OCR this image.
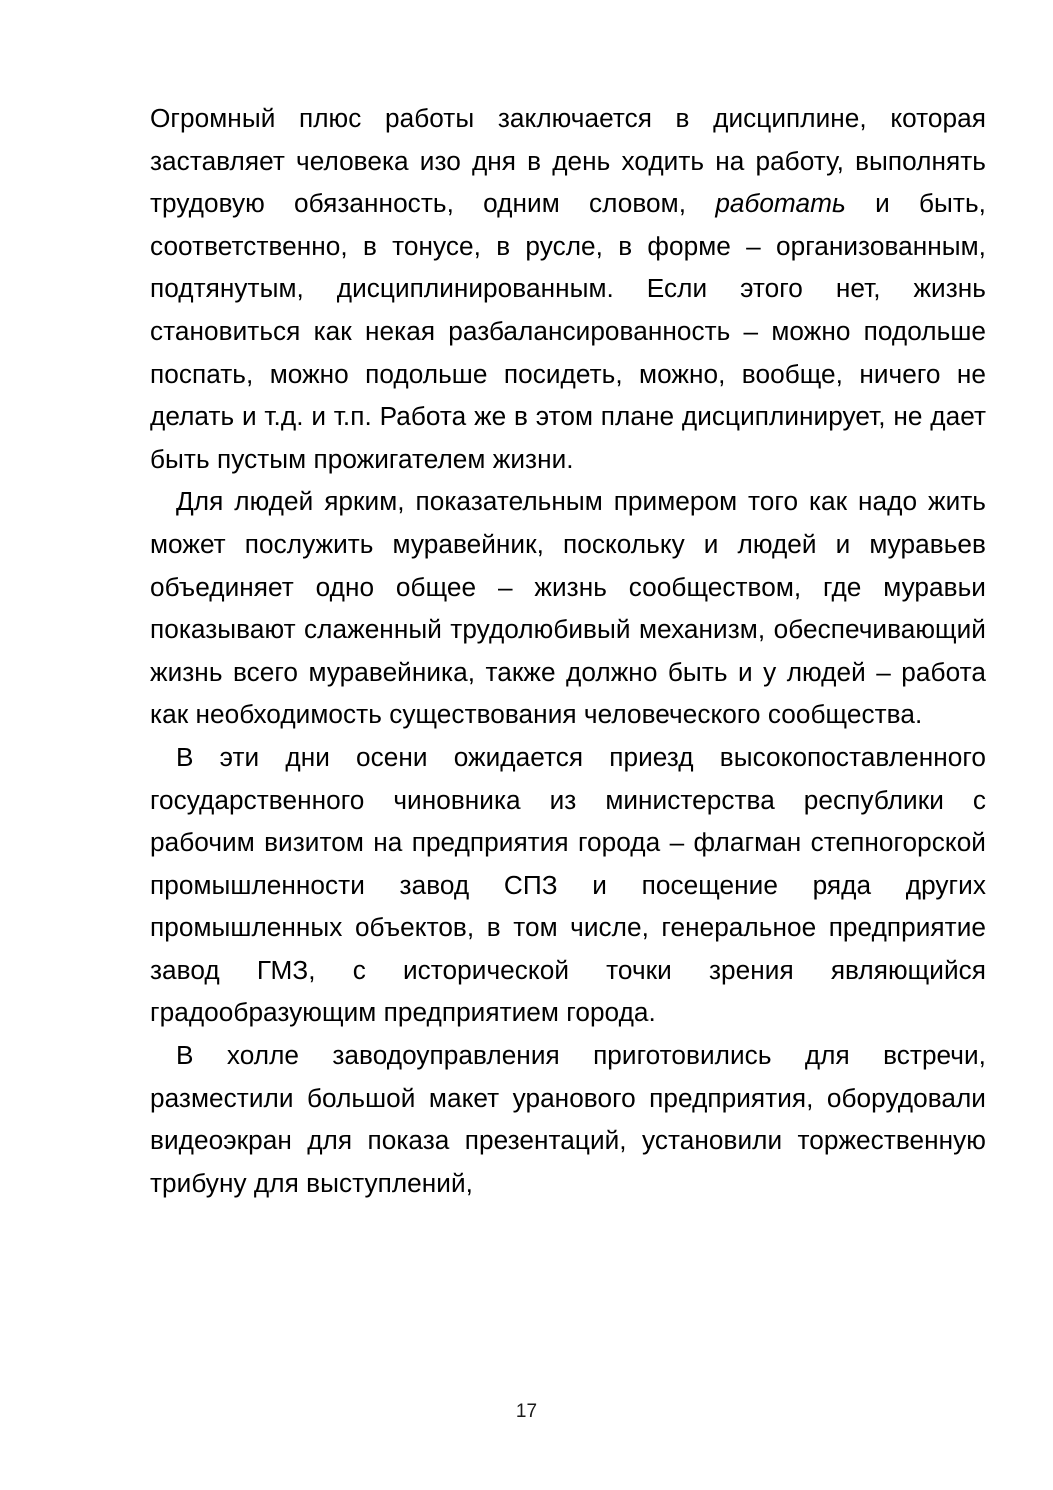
Огромный плюс работы заключается в дисциплине, которая заставляет человека изо дня в день ходить на работу, выполнять трудовую обязанность, одним словом, работать и быть, соответственно, в тонусе, в русле, в форме – организованным, подтянутым, дисциплинированным. Если этого нет, жизнь становиться как некая разбалансированность – можно подольше поспать, можно подольше посидеть, можно, вообще, ничего не делать и т.д. и т.п. Работа же в этом плане дисциплинирует, не дает быть пустым прожигателем жизни.

Для людей ярким, показательным примером того как надо жить может послужить муравейник, поскольку и людей и муравьев объединяет одно общее – жизнь сообществом, где муравьи показывают слаженный трудолюбивый механизм, обеспечивающий жизнь всего муравейника, также должно быть и у людей – работа как необходимость существования человеческого сообщества.

В эти дни осени ожидается приезд высокопоставленного государственного чиновника из министерства республики с рабочим визитом на предприятия города – флагман степногорской промышленности завод СПЗ и посещение ряда других промышленных объектов, в том числе, генеральное предприятие завод ГМЗ, с исторической точки зрения являющийся градообразующим предприятием города.

В холле заводоуправления приготовились для встречи, разместили большой макет уранового предприятия, оборудовали видеоэкран для показа презентаций, установили торжественную трибуну для выступлений,

17
